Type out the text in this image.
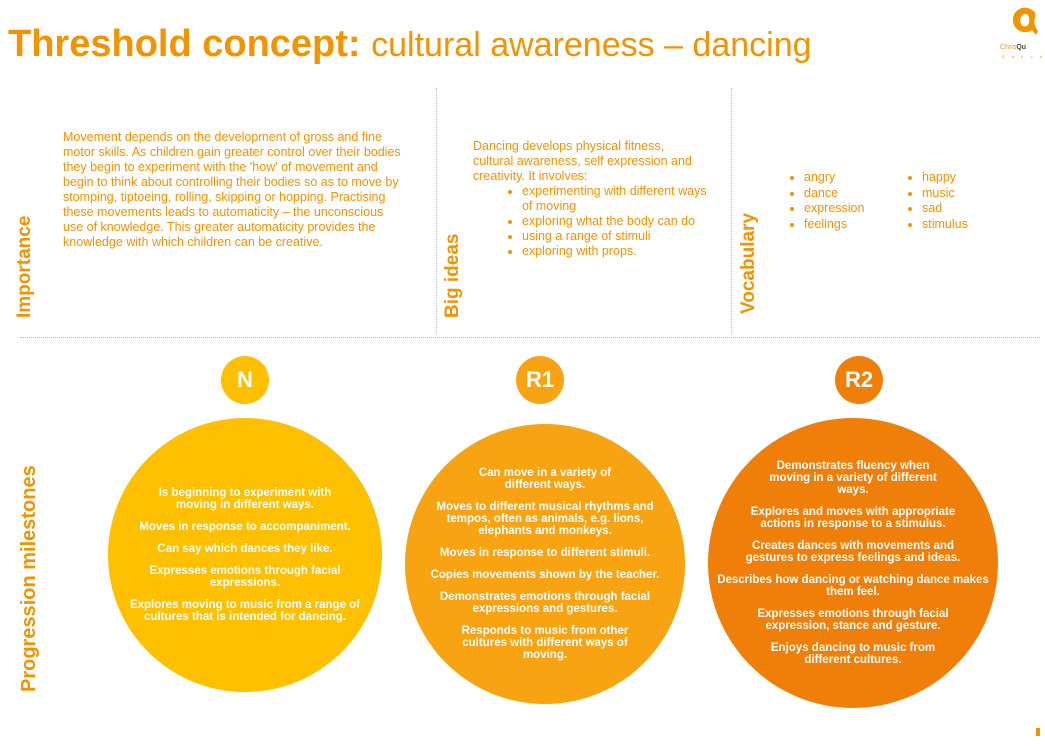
Threshold concept: cultural awareness – dancing	ChrisQu
E d u c a
Importance

Movement depends on the development of gross and fine motor skills. As children gain greater control over their bodies they begin to experiment with the 'how' of movement and begin to think about controlling their bodies so as to move by stomping, tiptoeing, rolling, skipping or hopping. Practising these movements leads to automaticity – the unconscious use of knowledge. This greater automaticity provides the knowledge with which children can be creative.	Big ideas

Dancing develops physical fitness, cultural awareness, self expression and creativity. It involves:

• experimenting with different ways of moving
• exploring what the body can do
• using a range of stimuli
• exploring with props.	Vocabulary
• angry
• dance
• expression
• feelings
• happy
• music
• sad
• stimulus
Progression milestones
N	R1	R2

Is beginning to experiment with moving in different ways.

Moves in response to accompaniment.

Can say which dances they like.

Expresses emotions through facial expressions.

Explores moving to music from a range of cultures that is intended for dancing.

Can move in a variety of different ways.

Moves to different musical rhythms and tempos, often as animals, e.g. lions, elephants and monkeys.

Moves in response to different stimuli.

Copies movements shown by the teacher.

Demonstrates emotions through facial expressions and gestures.

Responds to music from other cultures with different ways of moving.

Demonstrates fluency when moving in a variety of different ways.

Explores and moves with appropriate actions in response to a stimulus.

Creates dances with movements and gestures to express feelings and ideas.

Describes how dancing or watching dance makes them feel.

Expresses emotions through facial expression, stance and gesture.

Enjoys dancing to music from different cultures.
